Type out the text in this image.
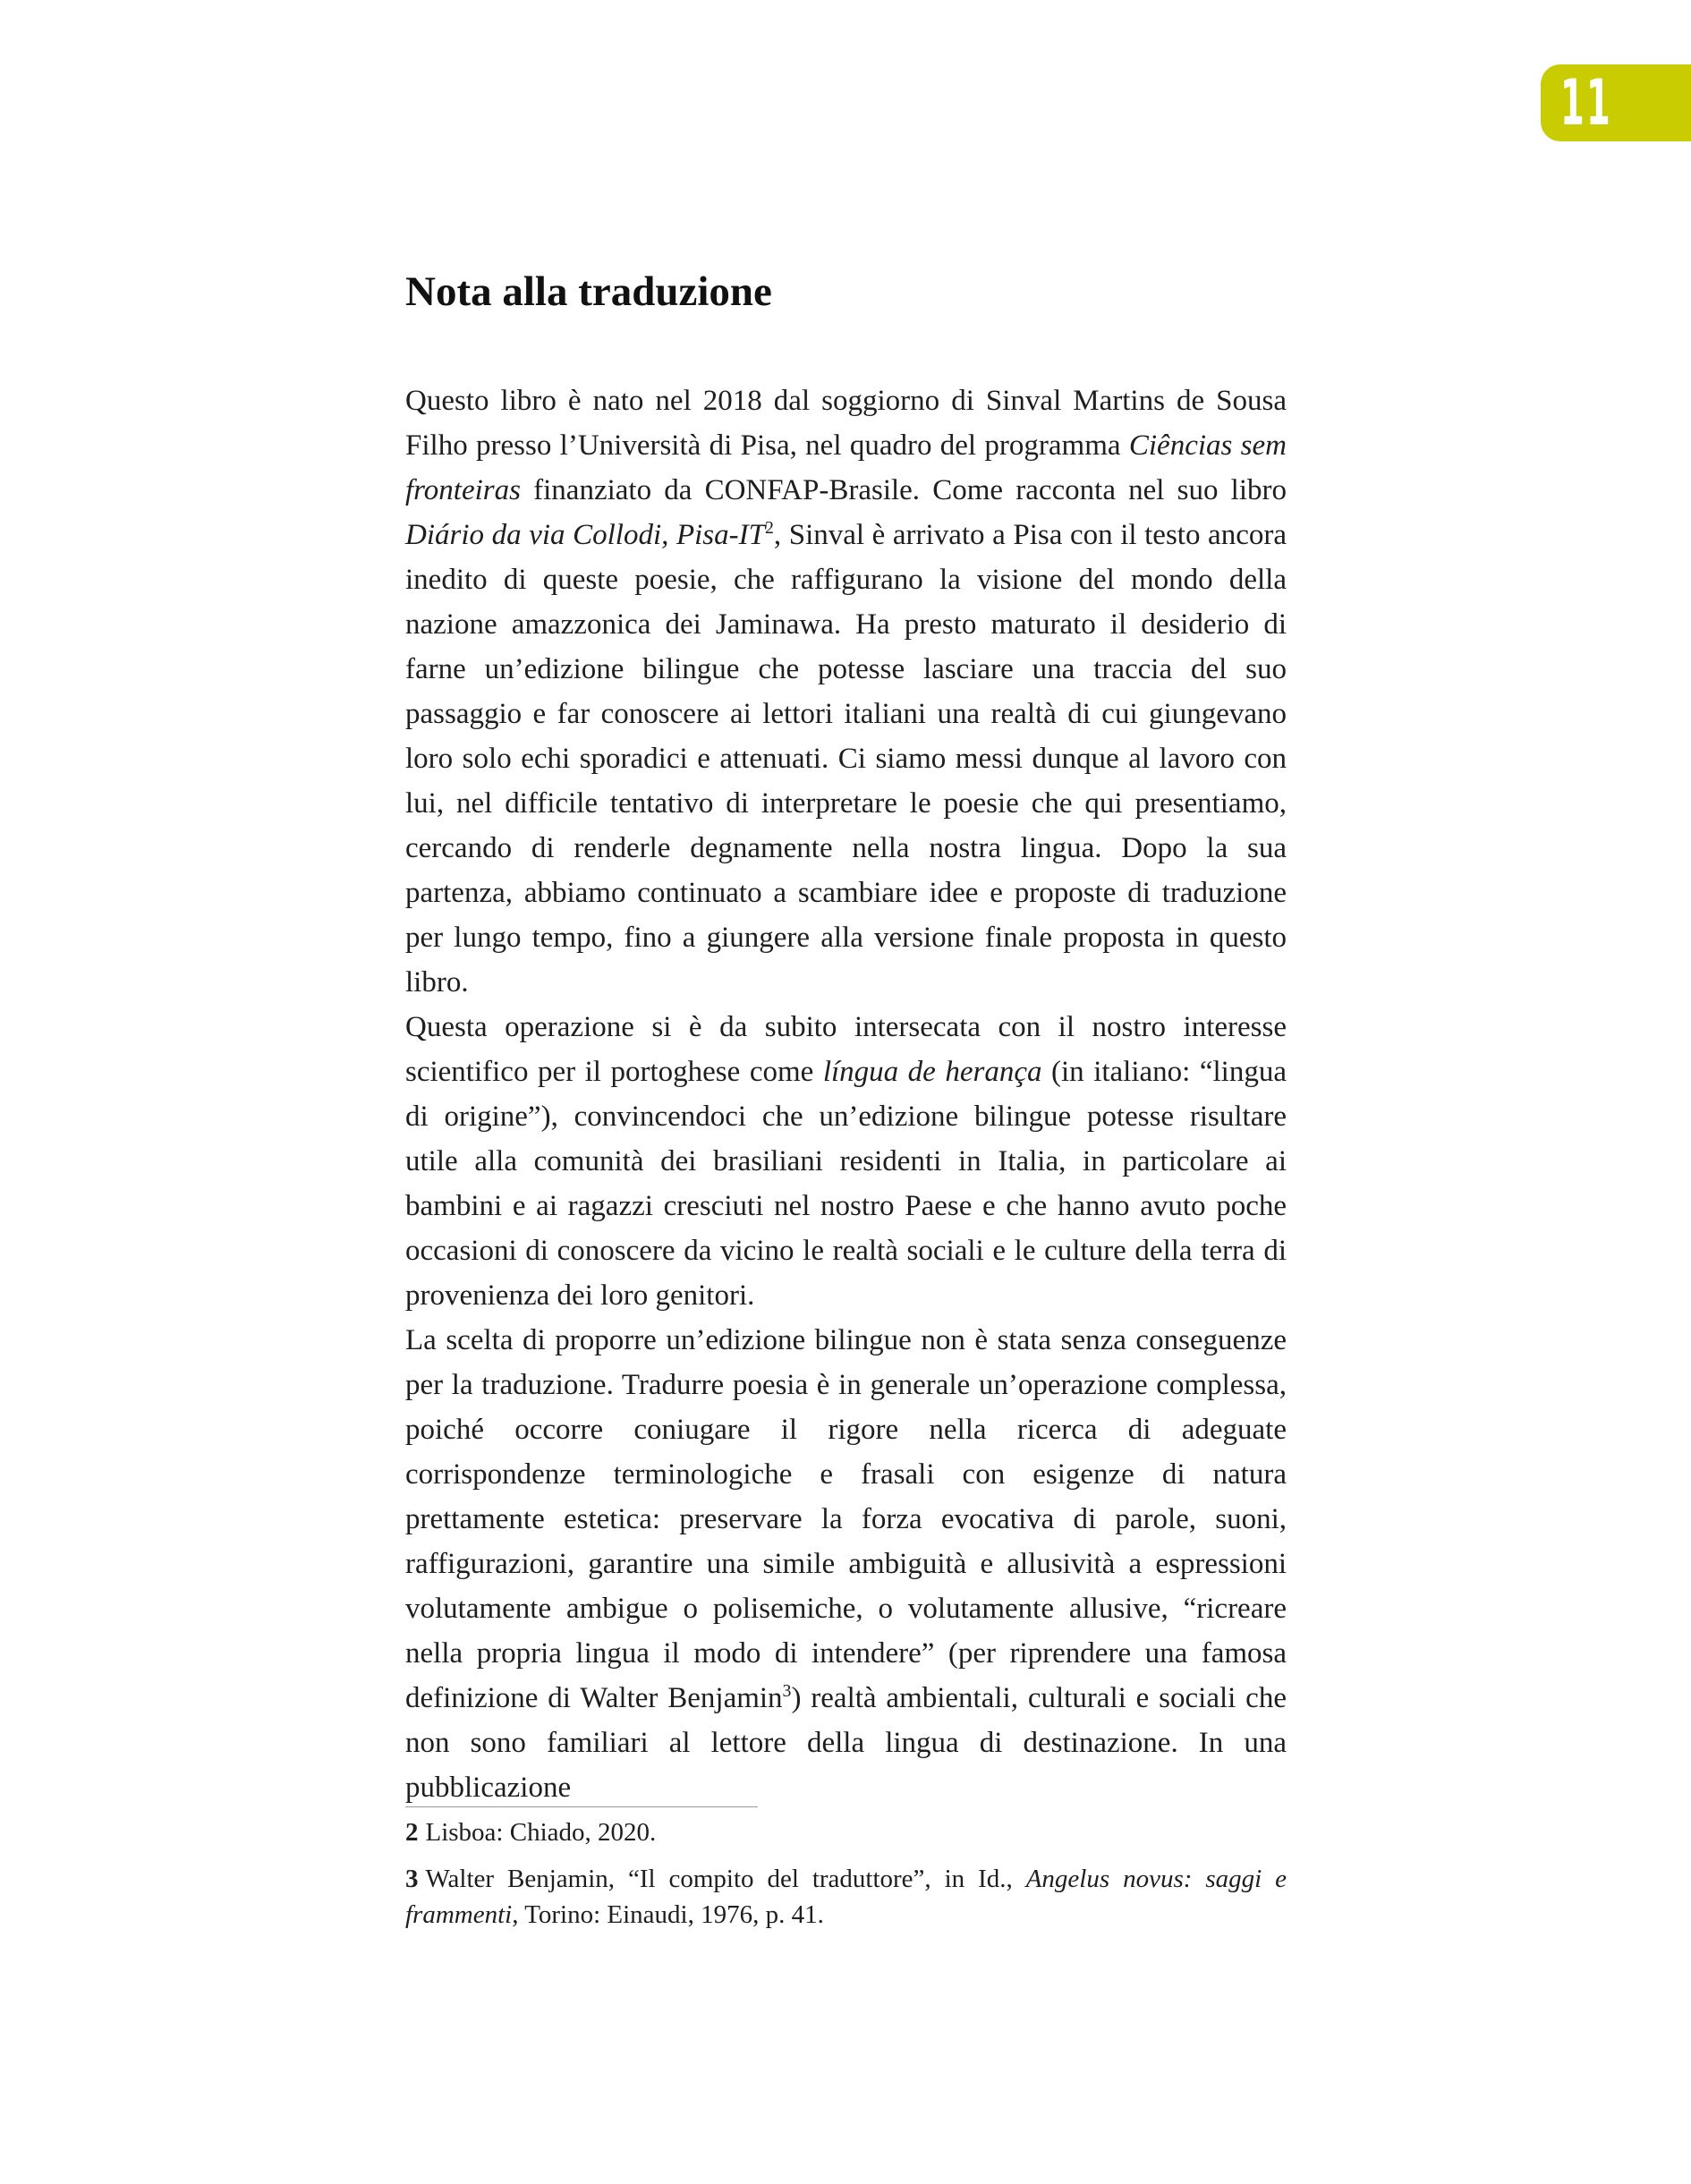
11
Nota alla traduzione

Questo libro è nato nel 2018 dal soggiorno di Sinval Martins de Sousa Filho presso l’Università di Pisa, nel quadro del programma Ciências sem fronteiras finanziato da CONFAP-Brasile. Come racconta nel suo libro Diário da via Collodi, Pisa-$IT^2$, Sinval è arrivato a Pisa con il testo ancora inedito di queste poesie, che raffigurano la visione del mondo della nazione amazzonica dei Jaminawa. Ha presto maturato il desiderio di farne un’edizione bilingue che potesse lasciare una traccia del suo passaggio e far conoscere ai lettori italiani una realtà di cui giungevano loro solo echi sporadici e attenuati. Ci siamo messi dunque al lavoro con lui, nel difficile tentativo di interpretare le poesie che qui presentiamo, cercando di renderle degnamente nella nostra lingua. Dopo la sua partenza, abbiamo continuato a scambiare idee e proposte di traduzione per lungo tempo, fino a giungere alla versione finale proposta in questo libro.

Questa operazione si è da subito intersecata con il nostro interesse scientifico per il portoghese come língua de herança (in italiano: “lingua di origine”), convincendoci che un’edizione bilingue potesse risultare utile alla comunità dei brasiliani residenti in Italia, in particolare ai bambini e ai ragazzi cresciuti nel nostro Paese e che hanno avuto poche occasioni di conoscere da vicino le realtà sociali e le culture della terra di provenienza dei loro genitori.

La scelta di proporre un’edizione bilingue non è stata senza conseguenze per la traduzione. Tradurre poesia è in generale un’operazione complessa, poiché occorre coniugare il rigore nella ricerca di adeguate corrispondenze terminologiche e frasali con esigenze di natura prettamente estetica: preservare la forza evocativa di parole, suoni, raffigurazioni, garantire una simile ambiguità e allusività a espressioni volutamente ambigue o polisemiche, o volutamente allusive, “ricreare nella propria lingua il modo di intendere” (per riprendere una famosa definizione di Walter Benjamin$^3$) realtà ambientali, culturali e sociali che non sono familiari al lettore della lingua di destinazione. In una pubblicazione

2 Lisboa: Chiado, 2020.

3 Walter Benjamin, “Il compito del traduttore”, in Id., Angelus novus: saggi e frammenti, Torino: Einaudi, 1976, p. 41.
